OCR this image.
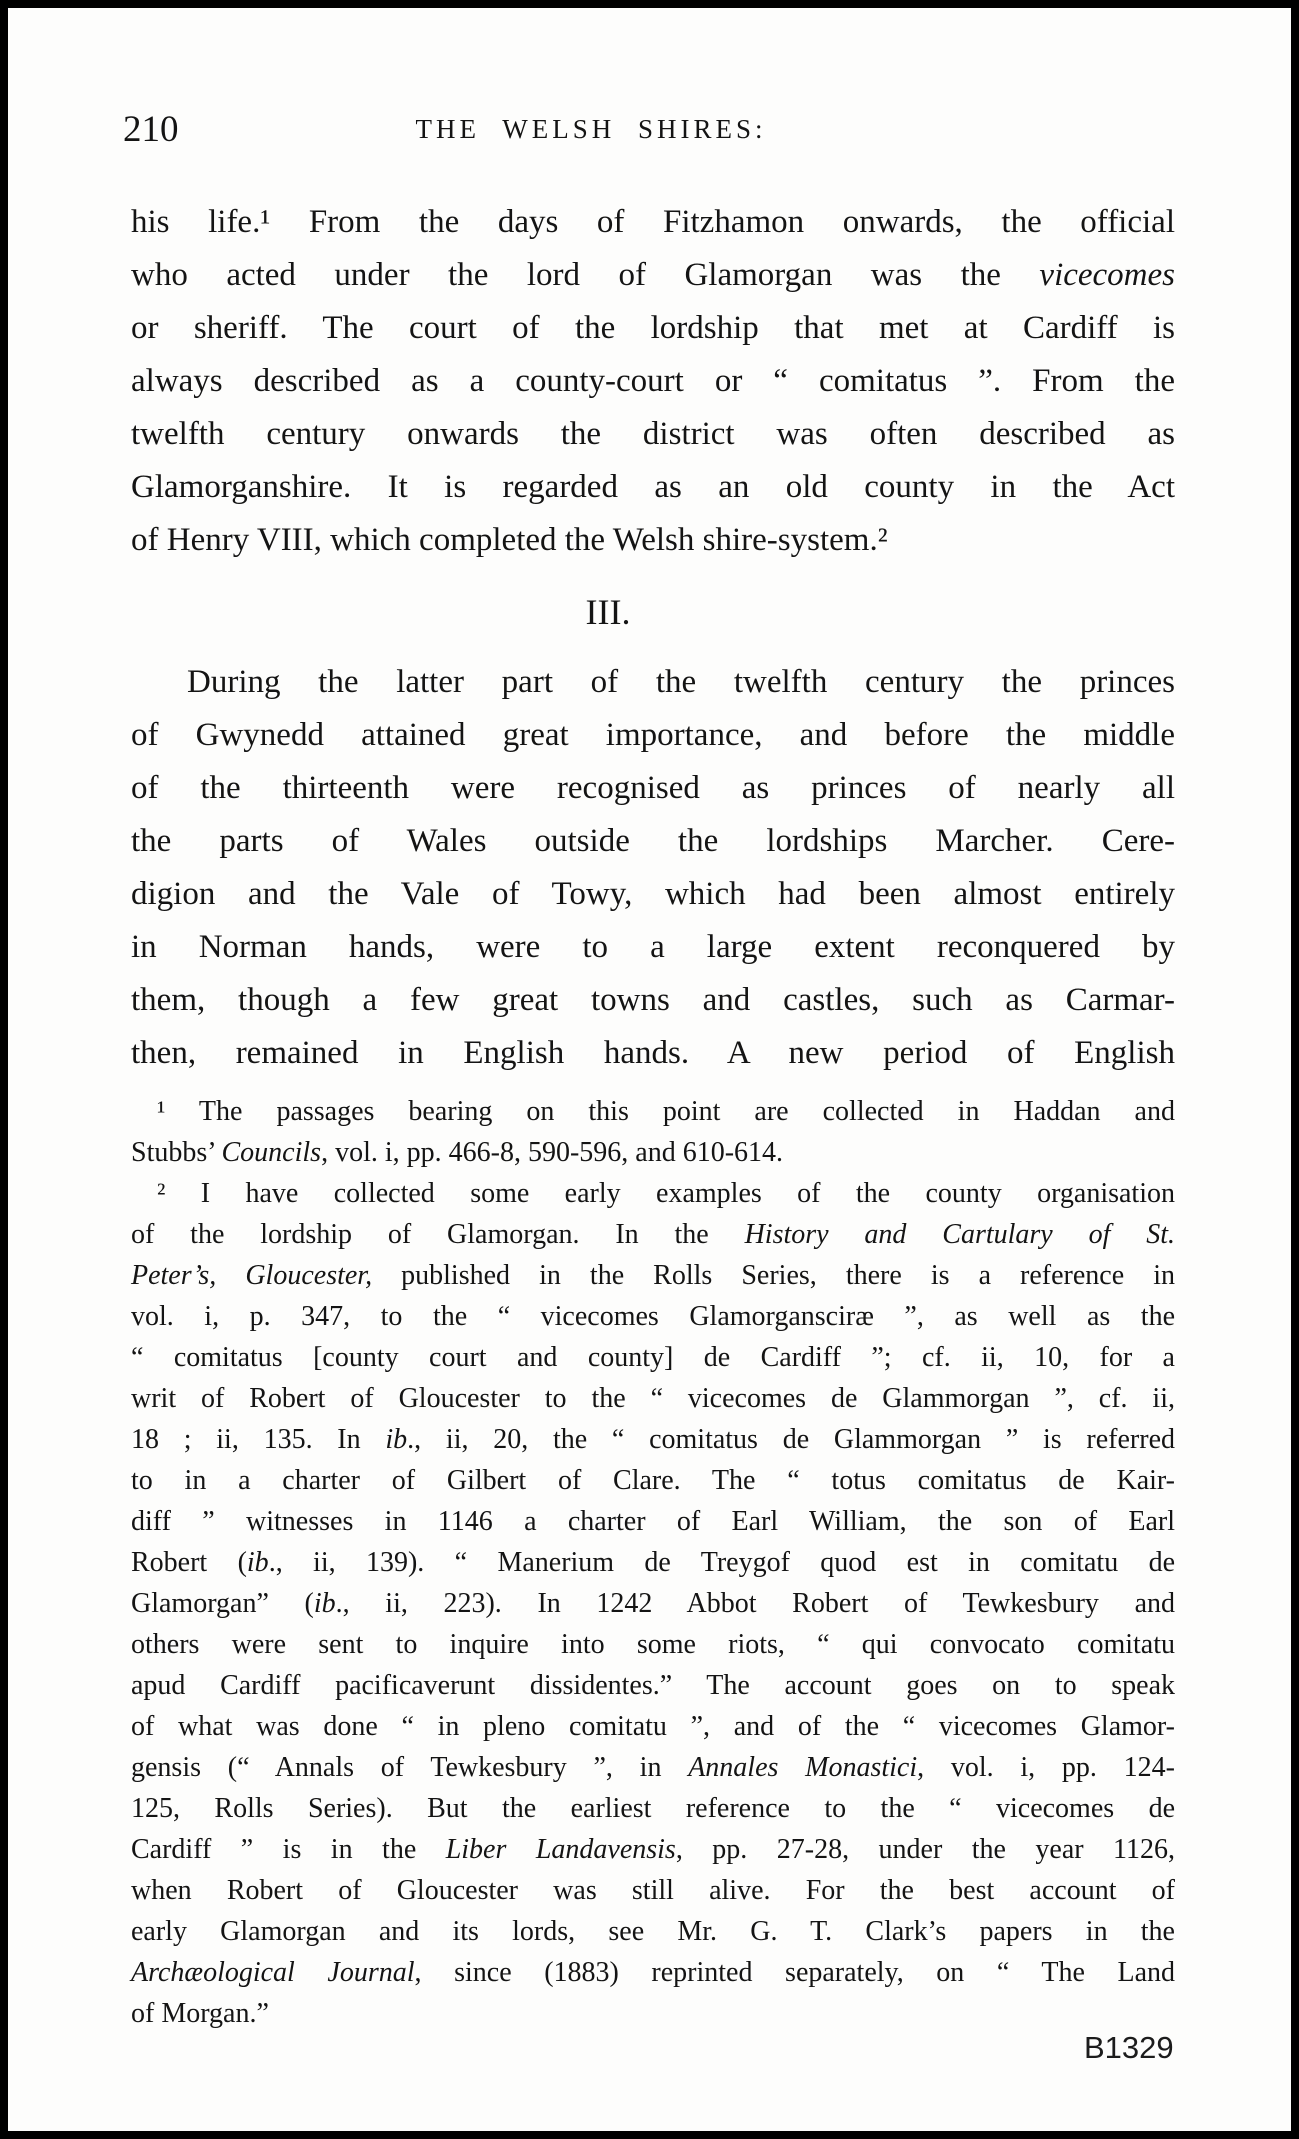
210	THE WELSH SHIRES:
his life.¹ From the days of Fitzhamon onwards, the official
who acted under the lord of Glamorgan was the vicecomes
or sheriff. The court of the lordship that met at Cardiff is
always described as a county-court or “ comitatus ”. From the
twelfth century onwards the district was often described as
Glamorganshire. It is regarded as an old county in the Act
of Henry VIII, which completed the Welsh shire-system.²
III.
During the latter part of the twelfth century the princes
of Gwynedd attained great importance, and before the middle
of the thirteenth were recognised as princes of nearly all
the parts of Wales outside the lordships Marcher. Cere-
digion and the Vale of Towy, which had been almost entirely
in Norman hands, were to a large extent reconquered by
them, though a few great towns and castles, such as Carmar-
then, remained in English hands. A new period of English
¹ The passages bearing on this point are collected in Haddan and
Stubbs’ Councils, vol. i, pp. 466-8, 590-596, and 610-614.
² I have collected some early examples of the county organisation
of the lordship of Glamorgan. In the History and Cartulary of St.
Peter’s, Gloucester, published in the Rolls Series, there is a reference in
vol. i, p. 347, to the “ vicecomes Glamorgansciræ ”, as well as the
“ comitatus [county court and county] de Cardiff ”; cf. ii, 10, for a
writ of Robert of Gloucester to the “ vicecomes de Glammorgan ”, cf. ii,
18 ; ii, 135. In ib., ii, 20, the “ comitatus de Glammorgan ” is referred
to in a charter of Gilbert of Clare. The “ totus comitatus de Kair-
diff ” witnesses in 1146 a charter of Earl William, the son of Earl
Robert (ib., ii, 139). “ Manerium de Treygof quod est in comitatu de
Glamorgan” (ib., ii, 223). In 1242 Abbot Robert of Tewkesbury and
others were sent to inquire into some riots, “ qui convocato comitatu
apud Cardiff pacificaverunt dissidentes.” The account goes on to speak
of what was done “ in pleno comitatu ”, and of the “ vicecomes Glamor-
gensis (“ Annals of Tewkesbury ”, in Annales Monastici, vol. i, pp. 124-
125, Rolls Series). But the earliest reference to the “ vicecomes de
Cardiff ” is in the Liber Landavensis, pp. 27-28, under the year 1126,
when Robert of Gloucester was still alive. For the best account of
early Glamorgan and its lords, see Mr. G. T. Clark’s papers in the
Archæological Journal, since (1883) reprinted separately, on “ The Land
of Morgan.”
B1329
